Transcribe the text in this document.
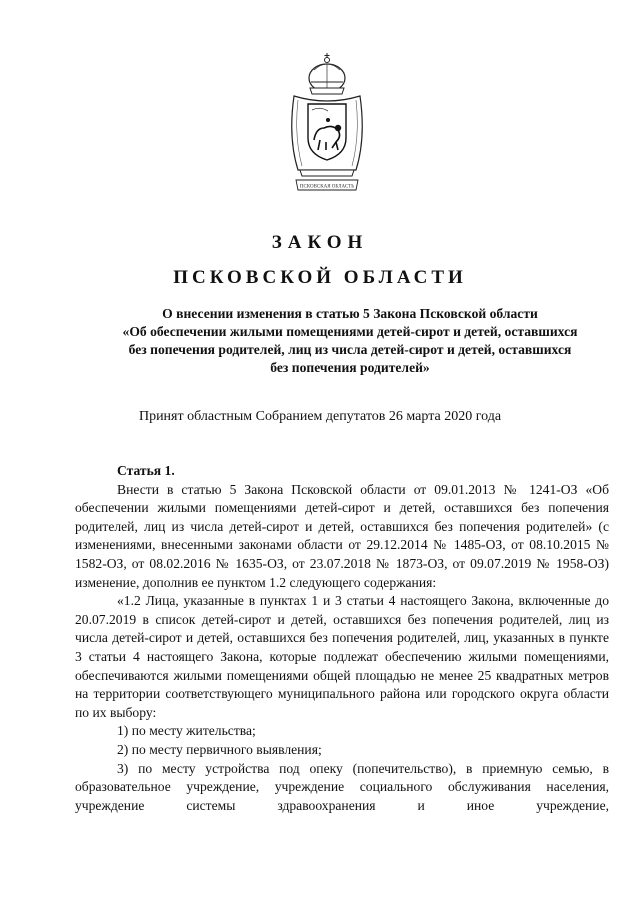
ПСКОВСКАЯ ОБЛАСТЬ
ЗАКОН
ПСКОВСКОЙ ОБЛАСТИ
О внесении изменения в статью 5 Закона Псковской области
«Об обеспечении жилыми помещениями детей-сирот и детей, оставшихся
без попечения родителей, лиц из числа детей-сирот и детей, оставшихся
без попечения родителей»
Принят областным Собранием депутатов 26 марта 2020 года

Статья 1.

Внести в статью 5 Закона Псковской области от 09.01.2013 № 1241-ОЗ «Об обеспечении жилыми помещениями детей-сирот и детей, оставшихся без попечения родителей, лиц из числа детей-сирот и детей, оставшихся без попечения родителей» (с изменениями, внесенными законами области от 29.12.2014 № 1485-ОЗ, от 08.10.2015 № 1582-ОЗ, от 08.02.2016 № 1635-ОЗ, от 23.07.2018 № 1873-ОЗ, от 09.07.2019 № 1958-ОЗ) изменение, дополнив ее пунктом 1.2 следующего содержания:

«1.2 Лица, указанные в пунктах 1 и 3 статьи 4 настоящего Закона, включенные до 20.07.2019 в список детей-сирот и детей, оставшихся без попечения родителей, лиц из числа детей-сирот и детей, оставшихся без попечения родителей, лиц, указанных в пункте 3 статьи 4 настоящего Закона, которые подлежат обеспечению жилыми помещениями, обеспечиваются жилыми помещениями общей площадью не менее 25 квадратных метров на территории соответствующего муниципального района или городского округа области по их выбору:

1) по месту жительства;

2) по месту первичного выявления;

3) по месту устройства под опеку (попечительство), в приемную семью, в образовательное учреждение, учреждение социального обслуживания населения, учреждение системы здравоохранения и иное учреждение,
